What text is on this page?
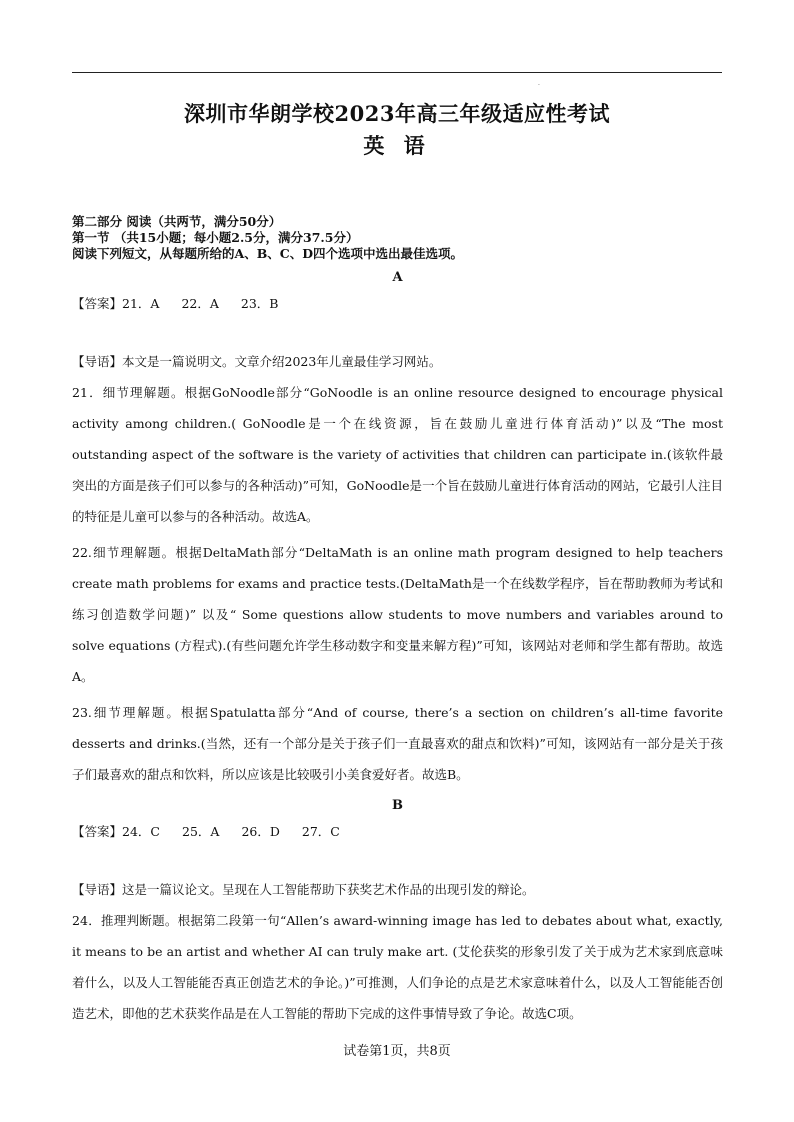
.
深圳市华朗学校2023年高三年级适应性考试
英 语

第二部分 阅读（共两节，满分50分）

第一节 （共15小题；每小题2.5分，满分37.5分）

阅读下列短文，从每题所给的A、B、C、D四个选项中选出最佳选项。

A

【答案】21．A 22．A 23．B

【导语】本文是一篇说明文。文章介绍2023年儿童最佳学习网站。

21．细节理解题。根据GoNoodle部分“GoNoodle is an online resource designed to encourage physical activity among children.( GoNoodle是一个在线资源，旨在鼓励儿童进行体育活动)”以及“The most outstanding aspect of the software is the variety of activities that children can participate in.(该软件最突出的方面是孩子们可以参与的各种活动)”可知，GoNoodle是一个旨在鼓励儿童进行体育活动的网站，它最引人注目的特征是儿童可以参与的各种活动。故选A。

22.细节理解题。根据DeltaMath部分“DeltaMath is an online math program designed to help teachers create math problems for exams and practice tests.(DeltaMath是一个在线数学程序，旨在帮助教师为考试和练习创造数学问题)” 以及“ Some questions allow students to move numbers and variables around to solve equations (方程式).(有些问题允许学生移动数字和变量来解方程)”可知，该网站对老师和学生都有帮助。故选A。

23.细节理解题。根据Spatulatta部分“And of course, there’s a section on children’s all-time favorite desserts and drinks.(当然，还有一个部分是关于孩子们一直最喜欢的甜点和饮料)”可知，该网站有一部分是关于孩子们最喜欢的甜点和饮料，所以应该是比较吸引小美食爱好者。故选B。

B

【答案】24．C 25．A 26．D 27．C

【导语】这是一篇议论文。呈现在人工智能帮助下获奖艺术作品的出现引发的辩论。

24．推理判断题。根据第二段第一句“Allen’s award-winning image has led to debates about what, exactly, it means to be an artist and whether AI can truly make art. (艾伦获奖的形象引发了关于成为艺术家到底意味着什么，以及人工智能能否真正创造艺术的争论。)”可推测，人们争论的点是艺术家意味着什么，以及人工智能能否创造艺术，即他的艺术获奖作品是在人工智能的帮助下完成的这件事情导致了争论。故选C项。

试卷第1页，共8页
